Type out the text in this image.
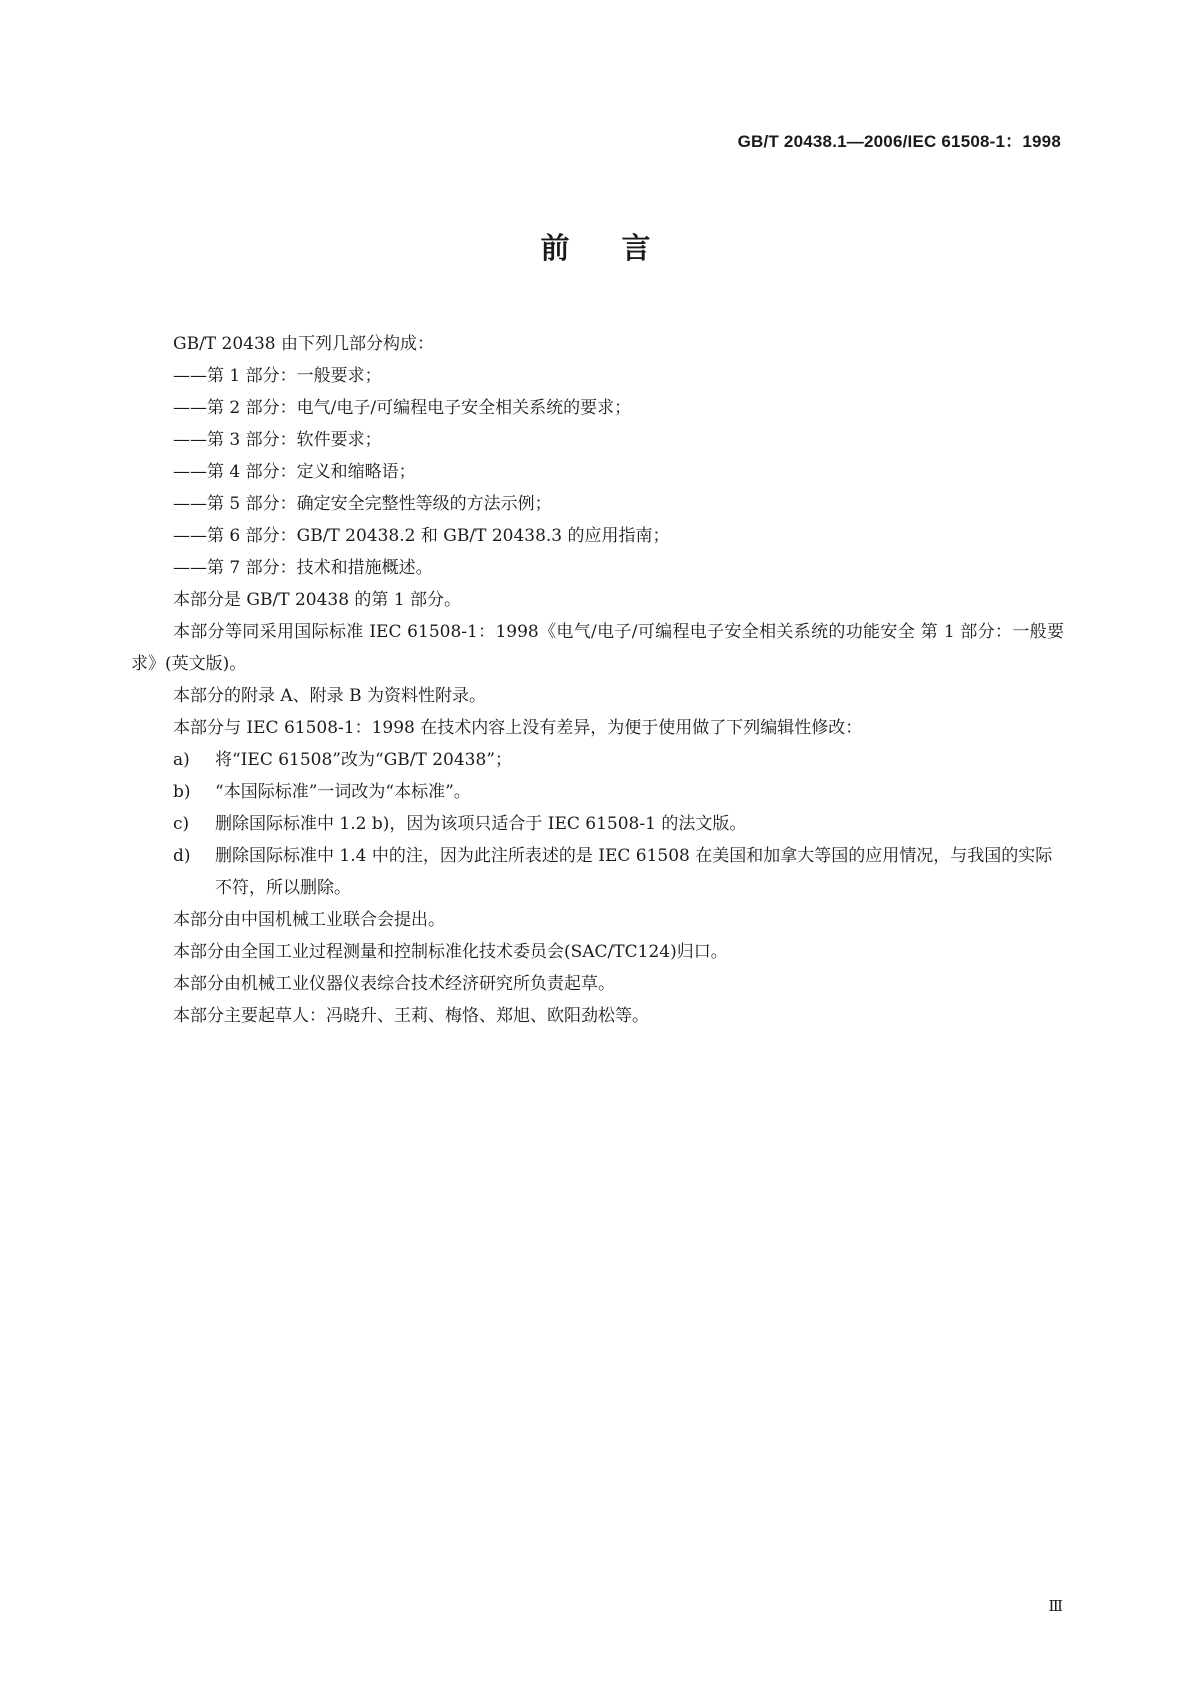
GB/T 20438.1—2006/IEC 61508-1：1998
前言

GB/T 20438 由下列几部分构成：

——第 1 部分：一般要求；

——第 2 部分：电气/电子/可编程电子安全相关系统的要求；

——第 3 部分：软件要求；

——第 4 部分：定义和缩略语；

——第 5 部分：确定安全完整性等级的方法示例；

——第 6 部分：GB/T 20438.2 和 GB/T 20438.3 的应用指南；

——第 7 部分：技术和措施概述。

本部分是 GB/T 20438 的第 1 部分。

本部分等同采用国际标准 IEC 61508-1：1998《电气/电子/可编程电子安全相关系统的功能安全 第 1 部分：一般要求》(英文版)。

本部分的附录 A、附录 B 为资料性附录。

本部分与 IEC 61508-1：1998 在技术内容上没有差异，为便于使用做了下列编辑性修改：

a) 将“IEC 61508”改为“GB/T 20438”；
b) “本国际标准”一词改为“本标准”。
c) 删除国际标准中 1.2 b)，因为该项只适合于 IEC 61508-1 的法文版。
d) 删除国际标准中 1.4 中的注，因为此注所表述的是 IEC 61508 在美国和加拿大等国的应用情况，与我国的实际不符，所以删除。

本部分由中国机械工业联合会提出。

本部分由全国工业过程测量和控制标准化技术委员会(SAC/TC124)归口。

本部分由机械工业仪器仪表综合技术经济研究所负责起草。

本部分主要起草人：冯晓升、王莉、梅恪、郑旭、欧阳劲松等。

Ⅲ
